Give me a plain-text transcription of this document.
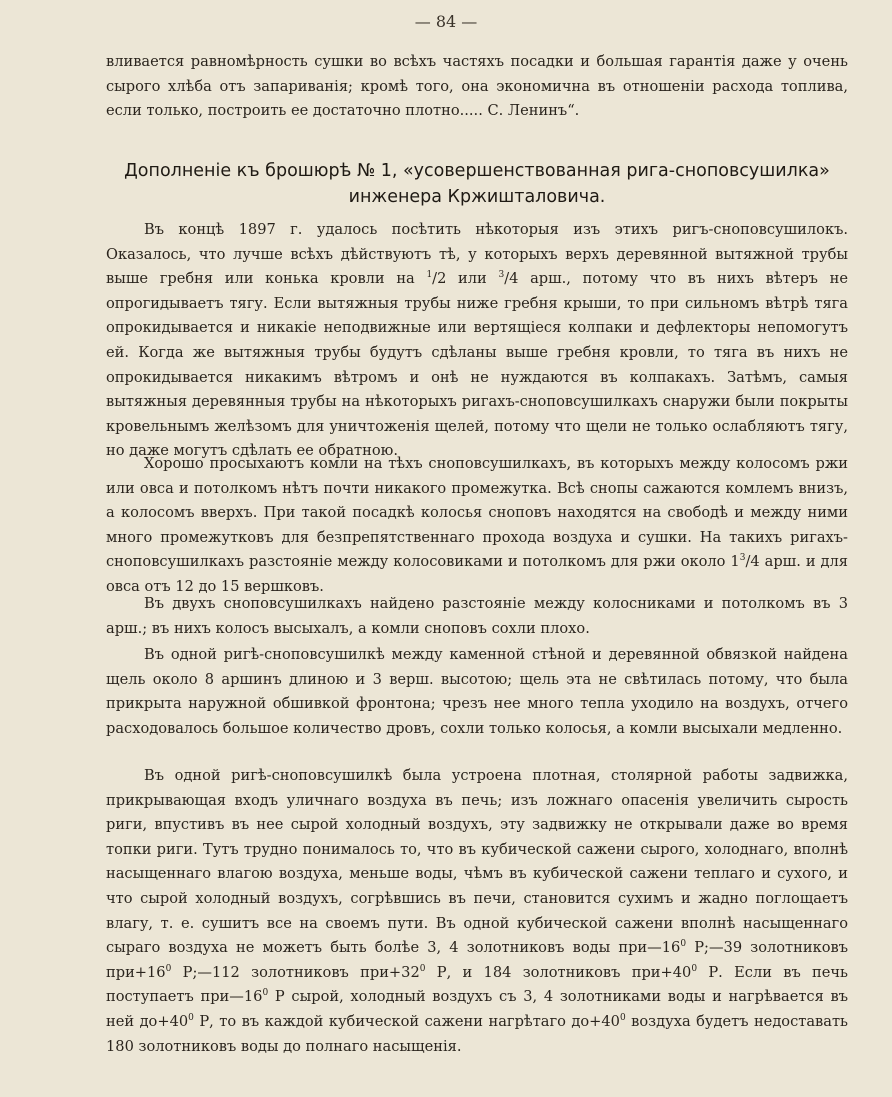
— 84 —

вливается равномѣрность сушки во всѣхъ частяхъ посадки и большая гарантія даже у очень сырого хлѣба отъ запариванія; кромѣ того, она экономична въ отношеніи расхода топлива, если только, построить ее достаточно плотно..... С. Ленинъ“.

Дополненіе къ брошюрѣ № 1, «усовершенствованная рига-сноповсушилка» инженера Кржишталовича.

Въ концѣ 1897 г. удалось посѣтить нѣкоторыя изъ этихъ ригъ-сноповсушилокъ. Оказалось, что лучше всѣхъ дѣйствуютъ тѣ, у которыхъ верхъ деревянной вытяжной трубы выше гребня или конька кровли на $^1$/2 или $^3$/4 арш., потому что въ нихъ вѣтеръ не опрогидываетъ тягу. Если вытяжныя трубы ниже гребня крыши, то при сильномъ вѣтрѣ тяга опрокидывается и никакіе неподвижные или вертящіеся колпаки и дефлекторы непомогутъ ей. Когда же вытяжныя трубы будутъ сдѣланы выше гребня кровли, то тяга въ нихъ не опрокидывается никакимъ вѣтромъ и онѣ не нуждаются въ колпакахъ. Затѣмъ, самыя вытяжныя деревянныя трубы на нѣкоторыхъ ригахъ-сноповсушилкахъ снаружи были покрыты кровельнымъ желѣзомъ для уничтоженія щелей, потому что щели не только ослабляютъ тягу, но даже могутъ сдѣлать ее обратною.

Хорошо просыхаютъ комли на тѣхъ сноповсушилкахъ, въ которыхъ между колосомъ ржи или овса и потолкомъ нѣтъ почти никакого промежутка. Всѣ снопы сажаются комлемъ внизъ, а колосомъ вверхъ. При такой посадкѣ колосья сноповъ находятся на свободѣ и между ними много промежутковъ для безпрепятственнаго прохода воздуха и сушки. На такихъ ригахъ-сноповсушилкахъ разстояніе между колосовиками и потолкомъ для ржи около $1^3/4$ арш. и для овса отъ 12 до 15 вершковъ.

Въ двухъ сноповсушилкахъ найдено разстояніе между колосниками и потолкомъ въ 3 арш.; въ нихъ колосъ высыхалъ, а комли сноповъ сохли плохо.

Въ одной ригѣ-сноповсушилкѣ между каменной стѣной и деревянной обвязкой найдена щель около 8 аршинъ длиною и 3 верш. высотою; щель эта не свѣтилась потому, что была прикрыта наружной обшивкой фронтона; чрезъ нее много тепла уходило на воздухъ, отчего расходовалось большое количество дровъ, сохли только колосья, а комли высыхали медленно.

Въ одной ригѣ-сноповсушилкѣ была устроена плотная, столярной работы задвижка, прикрывающая входъ уличнаго воздуха въ печь; изъ ложнаго опасенія увеличить сырость риги, впустивъ въ нее сырой холодный воздухъ, эту задвижку не открывали даже во время топки риги. Тутъ трудно понималось то, что въ кубической сажени сырого, холоднаго, вполнѣ насыщеннаго влагою воздуха, меньше воды, чѣмъ въ кубической сажени теплаго и сухого, и что сырой холодный воздухъ, согрѣвшись въ печи, становится сухимъ и жадно поглощаетъ влагу, т. е. сушитъ все на своемъ пути. Въ одной кубической сажени вполнѣ насыщеннаго сыраго воздуха не можетъ быть болѣе 3, 4 золотниковъ воды $при—16^0$ Р;—39 золотниковъ $при+16^0$ Р;—112 золотниковъ $при+32^0$ Р, и 184 золотниковъ $при+40^0$ Р. Если въ печь поступаетъ $при—16^0$ Р сырой, холодный воздухъ съ 3, 4 золотниками воды и нагрѣвается въ ней $до+40^0$ Р, то въ каждой кубической сажени нагрѣтаго $до+40^0$ воздуха будетъ недоставать 180 золотниковъ воды до полнаго насыщенія.
